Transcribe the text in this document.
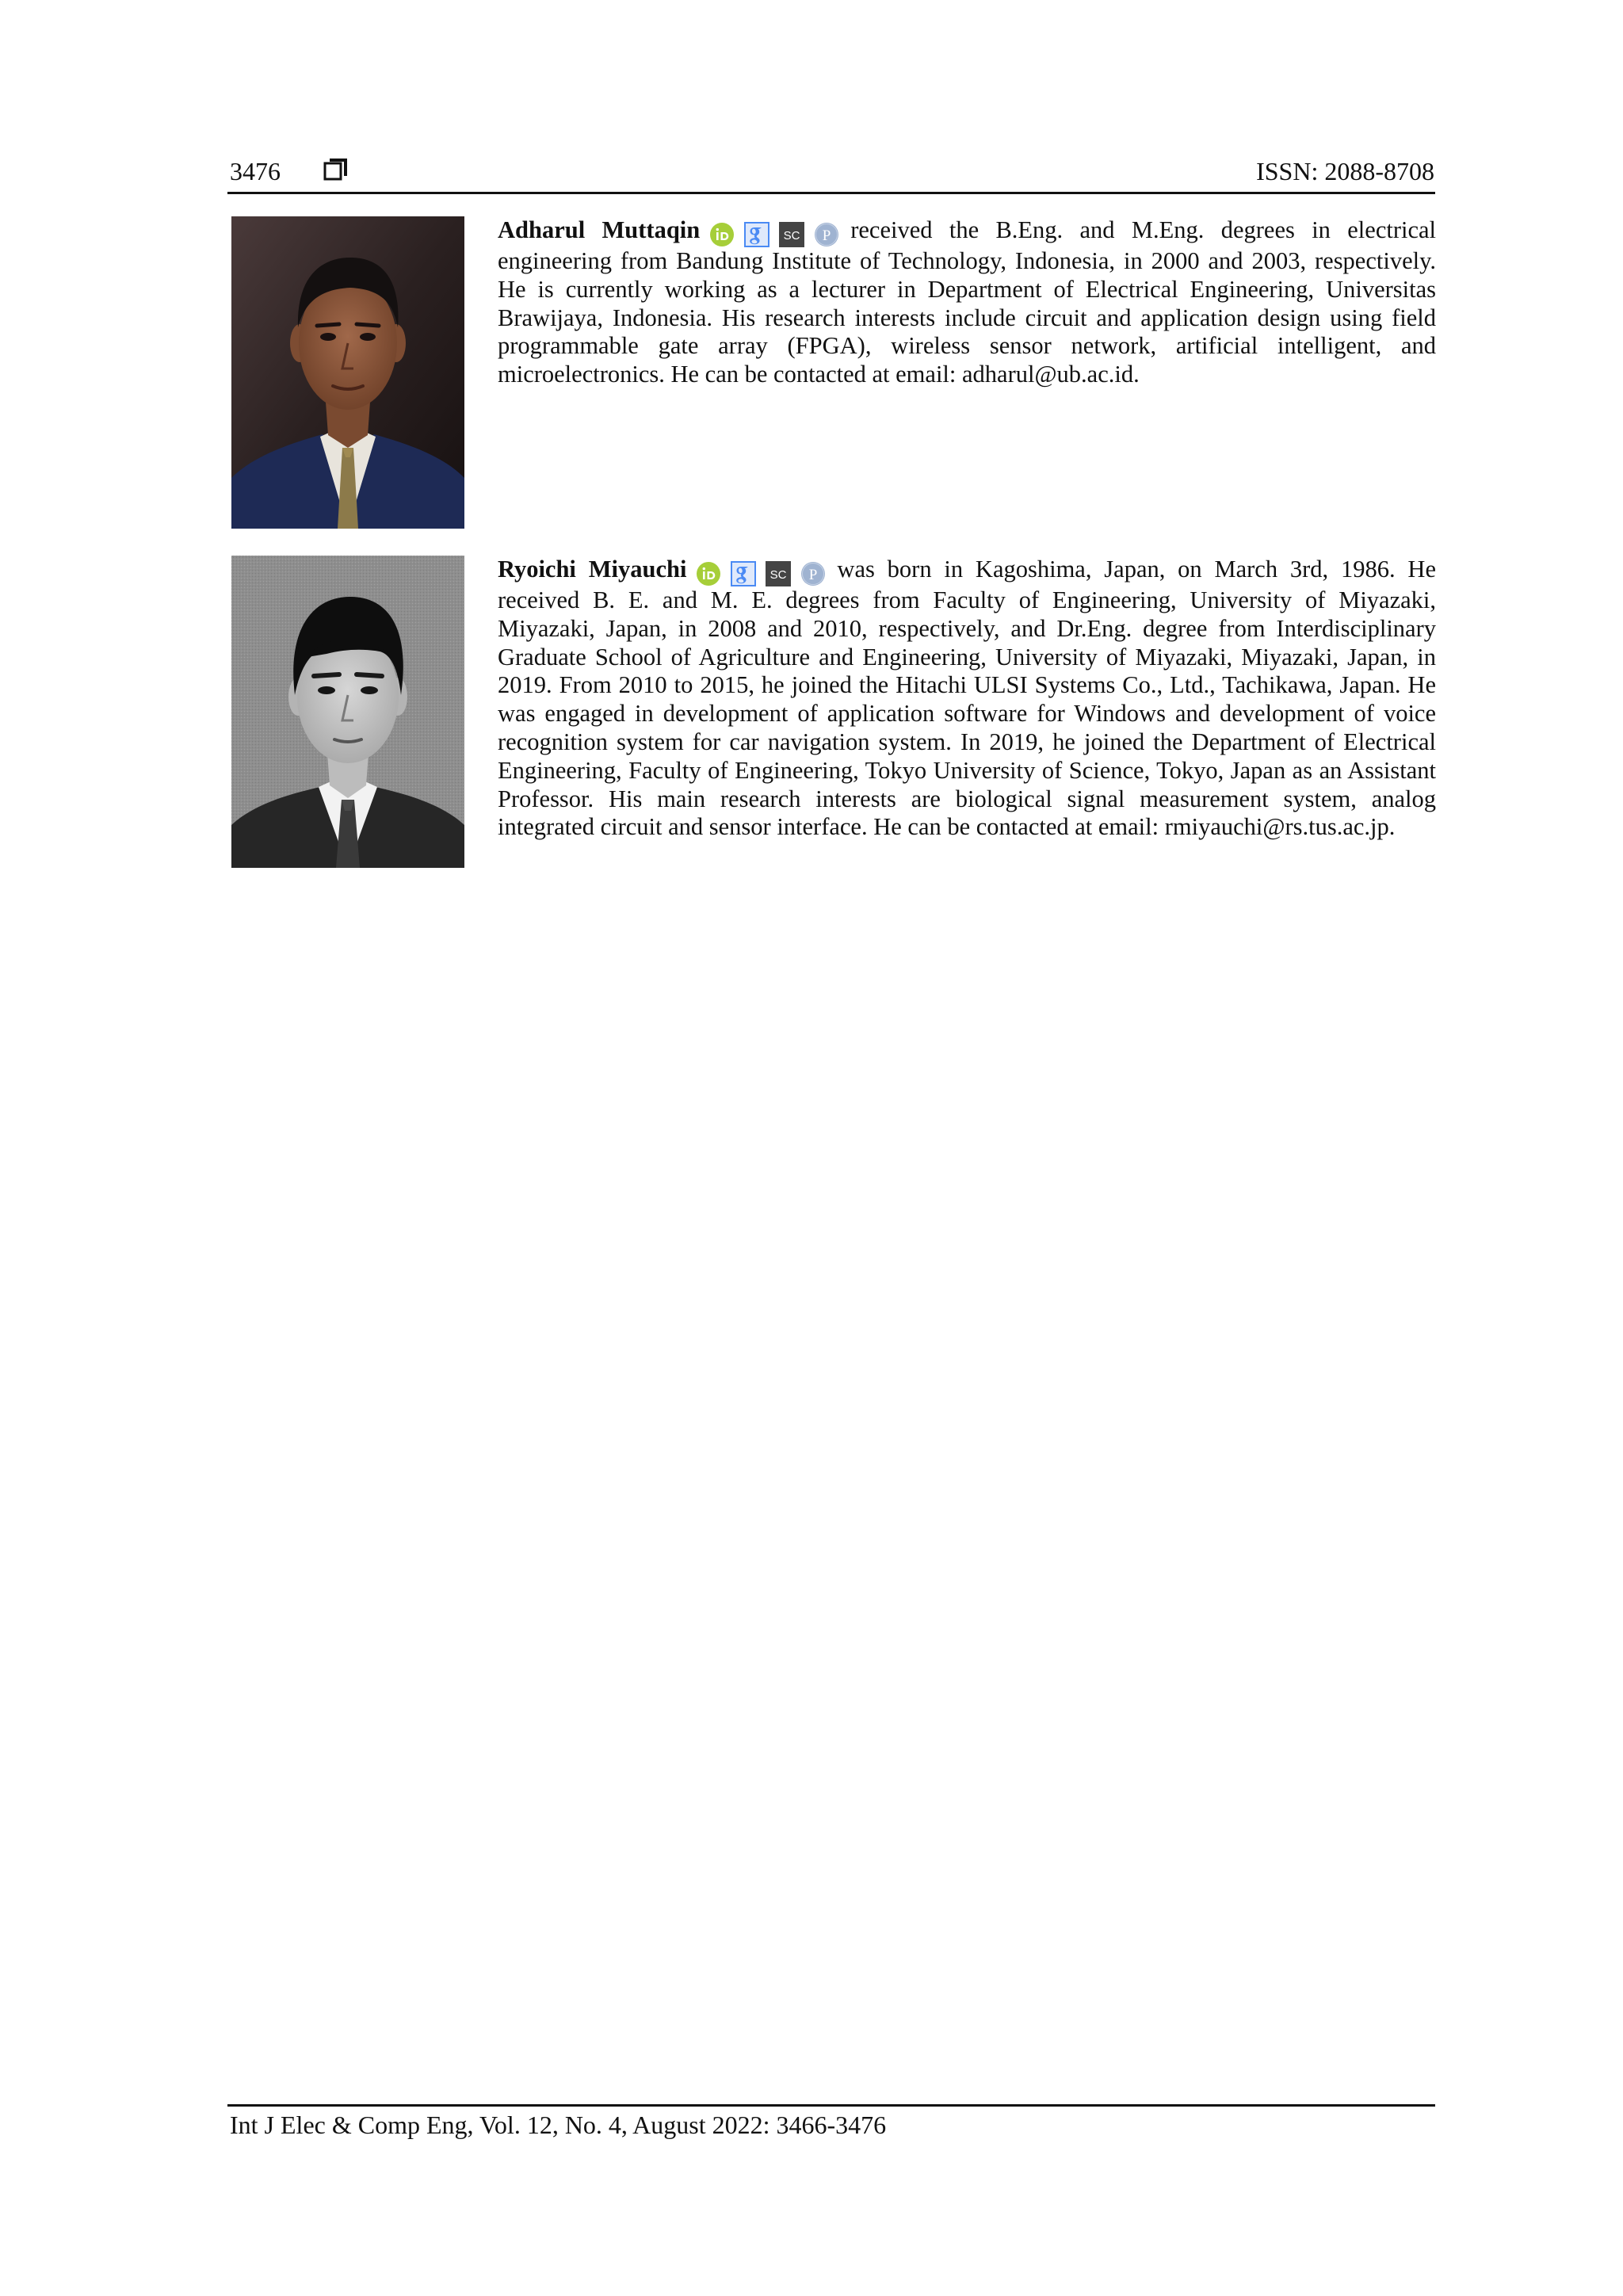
3476	ISSN: 2088-8708
Adharul Muttaqin	SC P received the B.Eng. and M.Eng. degrees in electrical engineering from Bandung Institute of Technology, Indonesia, in 2000 and 2003, respectively. He is currently working as a lecturer in Department of Electrical Engineering, Universitas Brawijaya, Indonesia. His research interests include circuit and application design using field programmable gate array (FPGA), wireless sensor network, artificial intelligent, and microelectronics. He can be contacted at email: adharul@ub.ac.id.
Ryoichi Miyauchi	SC P was born in Kagoshima, Japan, on March 3rd, 1986. He received B. E. and M. E. degrees from Faculty of Engineering, University of Miyazaki, Miyazaki, Japan, in 2008 and 2010, respectively, and Dr.Eng. degree from Interdisciplinary Graduate School of Agriculture and Engineering, University of Miyazaki, Miyazaki, Japan, in 2019. From 2010 to 2015, he joined the Hitachi ULSI Systems Co., Ltd., Tachikawa, Japan. He was engaged in development of application software for Windows and development of voice recognition system for car navigation system. In 2019, he joined the Department of Electrical Engineering, Faculty of Engineering, Tokyo University of Science, Tokyo, Japan as an Assistant Professor. His main research interests are biological signal measurement system, analog integrated circuit and sensor interface. He can be contacted at email: rmiyauchi@rs.tus.ac.jp.
Int J Elec & Comp Eng, Vol. 12, No. 4, August 2022: 3466-3476
